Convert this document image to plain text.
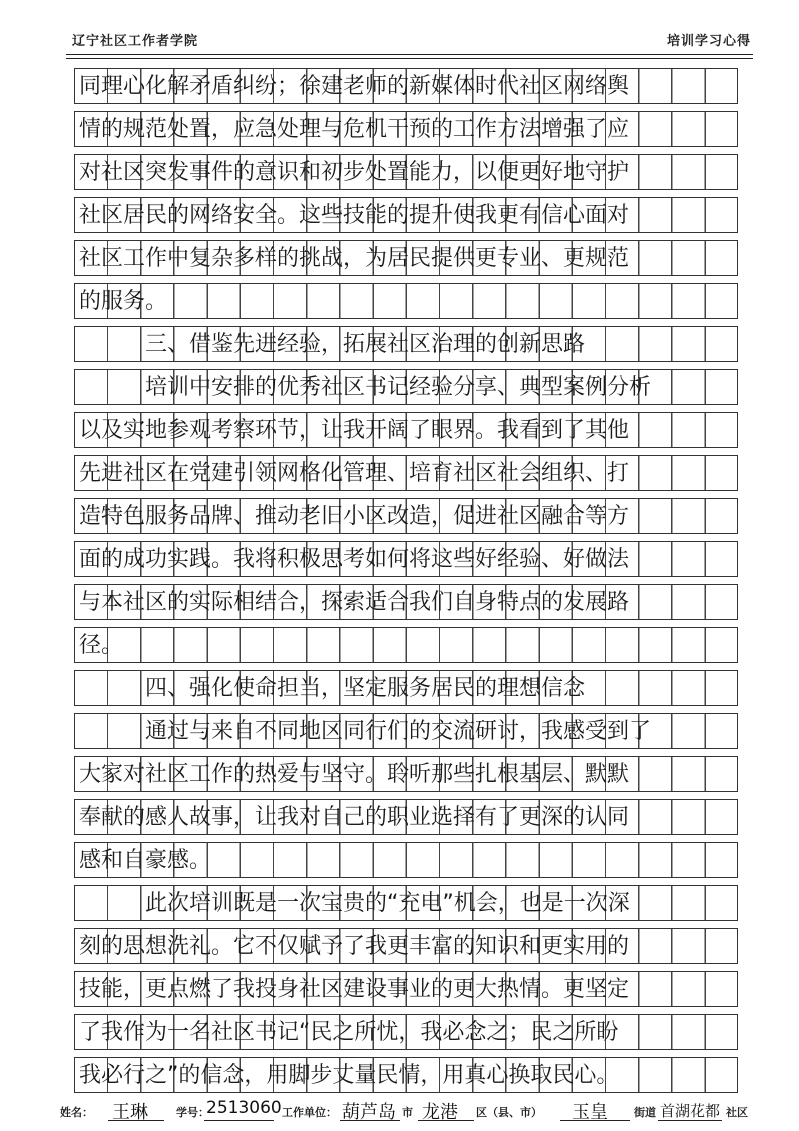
辽宁社区工作者学院	培训学习心得
同理心化解矛盾纠纷；徐建老师的新媒体时代社区网络舆
情的规范处置，应急处理与危机干预的工作方法增强了应
对社区突发事件的意识和初步处置能力，以便更好地守护
社区居民的网络安全。这些技能的提升使我更有信心面对
社区工作中复杂多样的挑战，为居民提供更专业、更规范
的服务。
三、借鉴先进经验，拓展社区治理的创新思路
培训中安排的优秀社区书记经验分享、典型案例分析
以及实地参观考察环节，让我开阔了眼界。我看到了其他
先进社区在党建引领网格化管理、培育社区社会组织、打
造特色服务品牌、推动老旧小区改造，促进社区融合等方
面的成功实践。我将积极思考如何将这些好经验、好做法
与本社区的实际相结合，探索适合我们自身特点的发展路
径。
四、强化使命担当，坚定服务居民的理想信念
通过与来自不同地区同行们的交流研讨，我感受到了
大家对社区工作的热爱与坚守。聆听那些扎根基层、默默
奉献的感人故事，让我对自己的职业选择有了更深的认同
感和自豪感。
此次培训既是一次宝贵的“充电”机会，也是一次深
刻的思想洗礼。它不仅赋予了我更丰富的知识和更实用的
技能，更点燃了我投身社区建设事业的更大热情。更坚定
了我作为一名社区书记“民之所忧，我必念之；民之所盼
我必行之”的信念，用脚步丈量民情，用真心换取民心。
姓名： 王琳	学号：
2513060 工作单位： 葫芦岛 市 龙港 区（县、市） 玉皇 街道 首湖花都 社区
